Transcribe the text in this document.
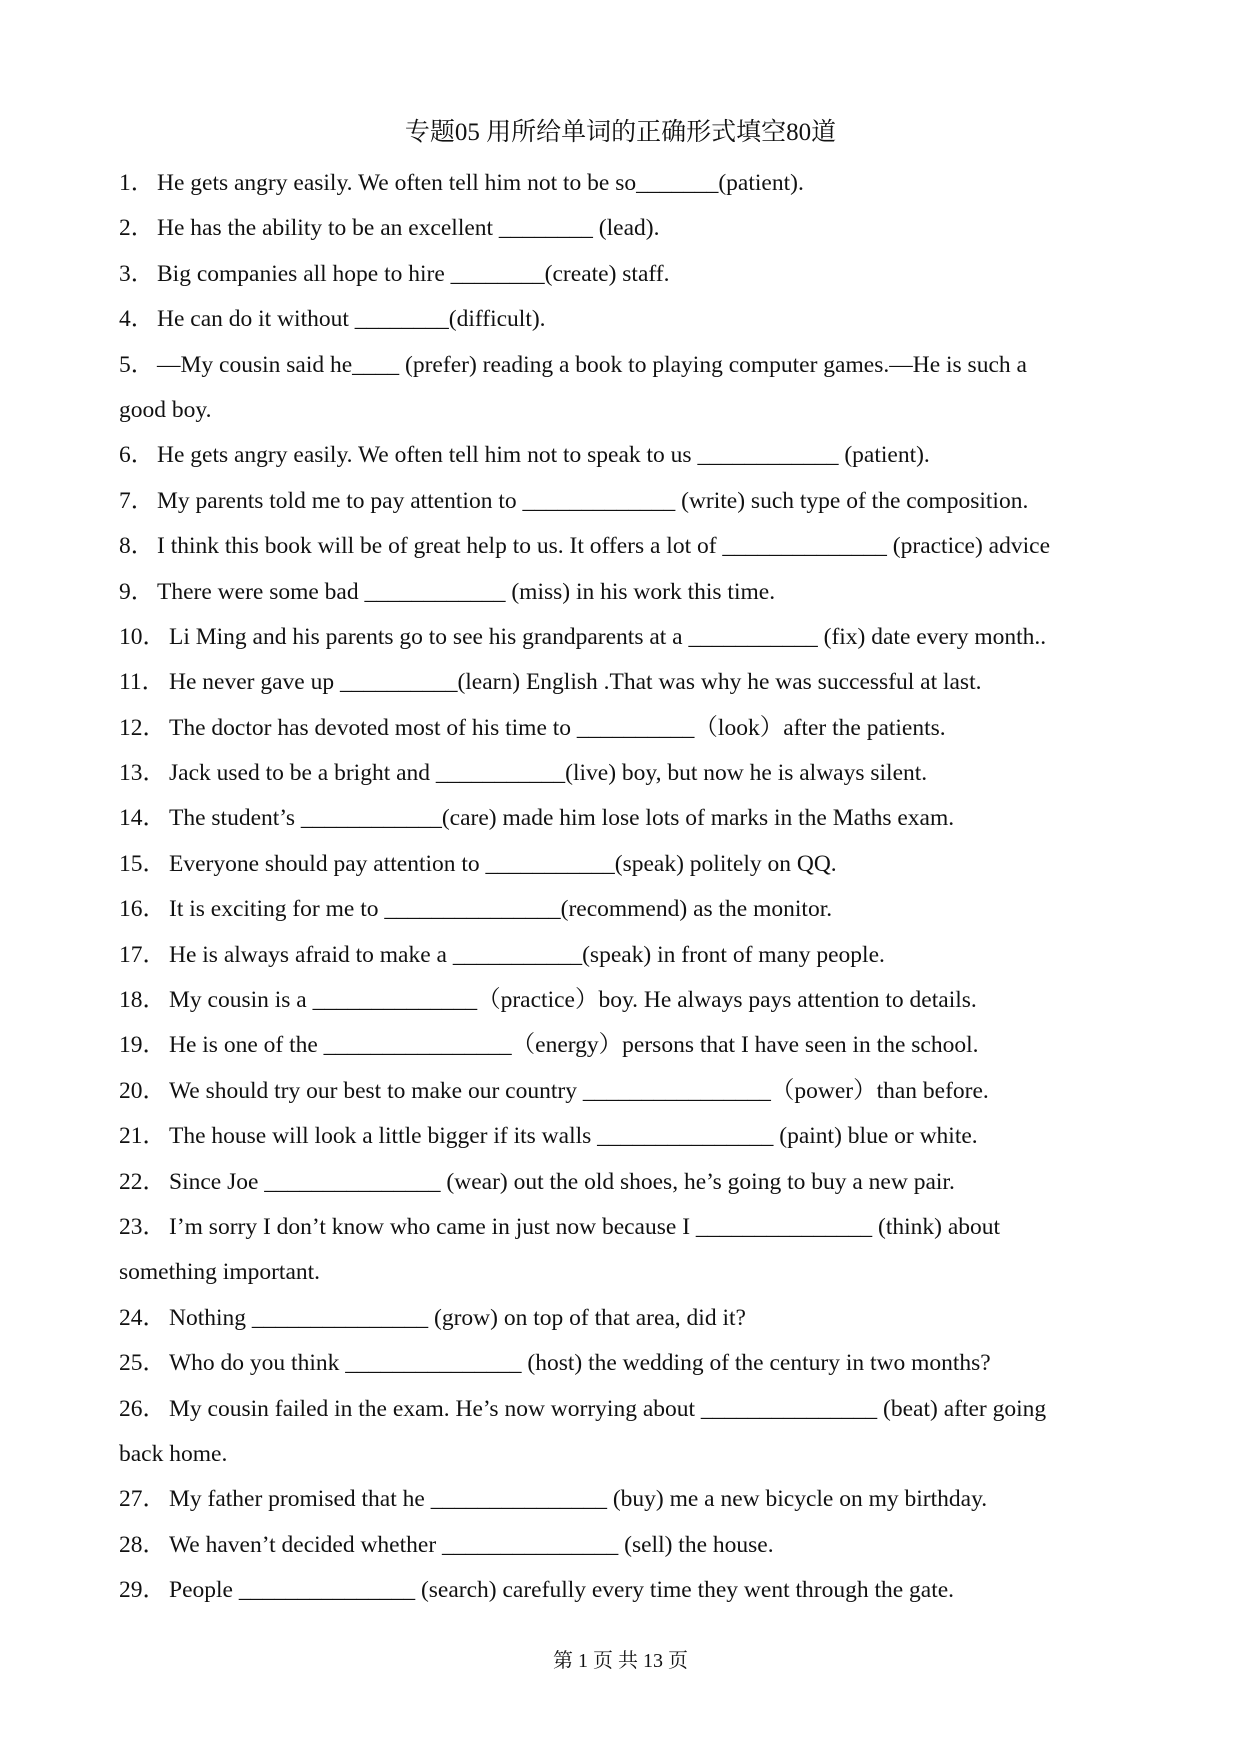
专题05 用所给单词的正确形式填空80道
1． He gets angry easily. We often tell him not to be so_______(patient).
2． He has the ability to be an excellent ________ (lead).
3． Big companies all hope to hire ________(create) staff.
4． He can do it without ________(difficult).
5． —My cousin said he____ (prefer) reading a book to playing computer games.—He is such a
good boy.
6． He gets angry easily. We often tell him not to speak to us ____________ (patient).
7． My parents told me to pay attention to _____________ (write) such type of the composition.
8． I think this book will be of great help to us. It offers a lot of ______________ (practice) advice
9． There were some bad ____________ (miss) in his work this time.
10． Li Ming and his parents go to see his grandparents at a ___________ (fix) date every month..
11． He never gave up __________(learn) English .That was why he was successful at last.
12． The doctor has devoted most of his time to __________（look）after the patients.
13． Jack used to be a bright and ___________(live) boy, but now he is always silent.
14． The student’s ____________(care) made him lose lots of marks in the Maths exam.
15． Everyone should pay attention to ___________(speak) politely on QQ.
16． It is exciting for me to _______________(recommend) as the monitor.
17． He is always afraid to make a ___________(speak) in front of many people.
18． My cousin is a ______________（practice）boy. He always pays attention to details.
19． He is one of the ________________（energy）persons that I have seen in the school.
20． We should try our best to make our country ________________（power）than before.
21． The house will look a little bigger if its walls _______________ (paint) blue or white.
22． Since Joe _______________ (wear) out the old shoes, he’s going to buy a new pair.
23． I’m sorry I don’t know who came in just now because I _______________ (think) about
something important.
24． Nothing _______________ (grow) on top of that area, did it?
25． Who do you think _______________ (host) the wedding of the century in two months?
26． My cousin failed in the exam. He’s now worrying about _______________ (beat) after going
back home.
27． My father promised that he _______________ (buy) me a new bicycle on my birthday.
28． We haven’t decided whether _______________ (sell) the house.
29． People _______________ (search) carefully every time they went through the gate.
第 1 页 共 13 页
